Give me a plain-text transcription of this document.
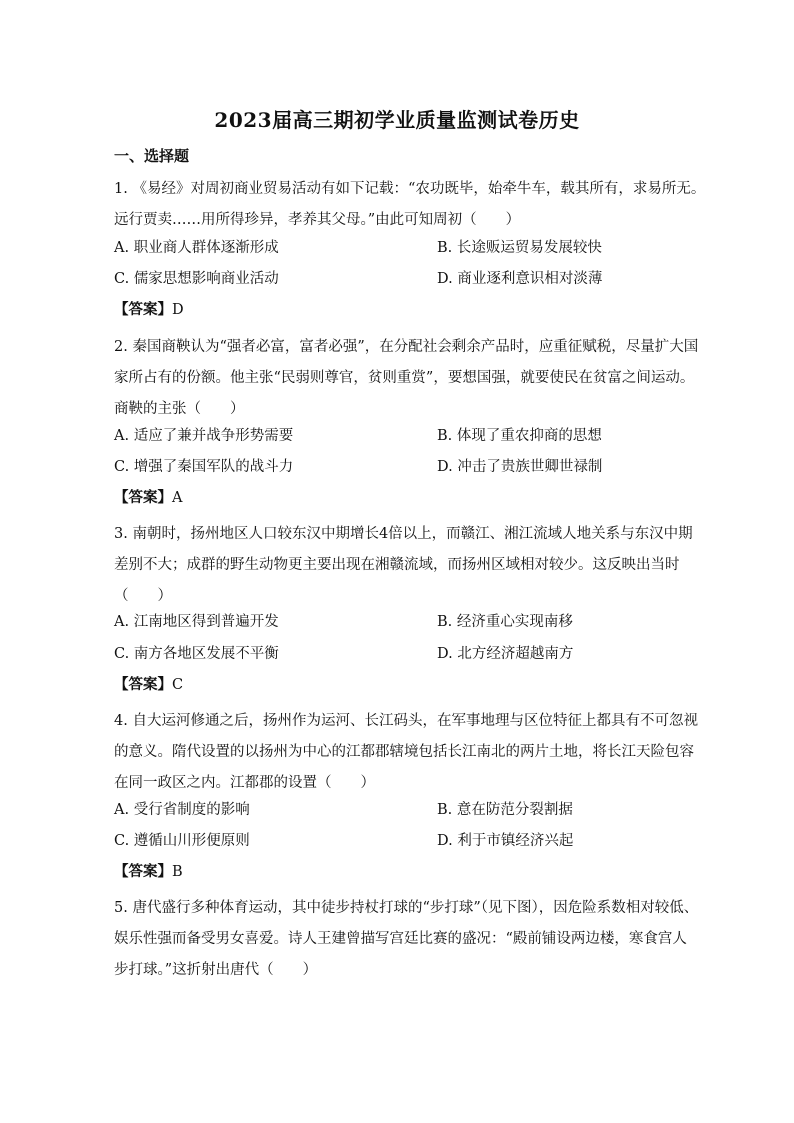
2023届高三期初学业质量监测试卷历史
一、选择题
1. 《易经》对周初商业贸易活动有如下记载：“农功既毕，始牵牛车，载其所有，求易所无。
远行贾卖……用所得珍异，孝养其父母。”由此可知周初（　　）
A. 职业商人群体逐渐形成	B. 长途贩运贸易发展较快
C. 儒家思想影响商业活动	D. 商业逐利意识相对淡薄
【答案】D
2. 秦国商鞅认为“强者必富，富者必强”，在分配社会剩余产品时，应重征赋税，尽量扩大国
家所占有的份额。他主张“民弱则尊官，贫则重赏”，要想国强，就要使民在贫富之间运动。
商鞅的主张（　　）
A. 适应了兼并战争形势需要	B. 体现了重农抑商的思想
C. 增强了秦国军队的战斗力	D. 冲击了贵族世卿世禄制
【答案】A
3. 南朝时，扬州地区人口较东汉中期增长4倍以上，而赣江、湘江流域人地关系与东汉中期
差别不大；成群的野生动物更主要出现在湘赣流域，而扬州区域相对较少。这反映出当时
（　　）
A. 江南地区得到普遍开发	B. 经济重心实现南移
C. 南方各地区发展不平衡	D. 北方经济超越南方
【答案】C
4. 自大运河修通之后，扬州作为运河、长江码头，在军事地理与区位特征上都具有不可忽视
的意义。隋代设置的以扬州为中心的江都郡辖境包括长江南北的两片土地，将长江天险包容
在同一政区之内。江都郡的设置（　　）
A. 受行省制度的影响	B. 意在防范分裂割据
C. 遵循山川形便原则	D. 利于市镇经济兴起
【答案】B
5. 唐代盛行多种体育运动，其中徒步持杖打球的“步打球”（见下图），因危险系数相对较低、
娱乐性强而备受男女喜爱。诗人王建曾描写宫廷比赛的盛况：“殿前铺设两边楼，寒食宫人
步打球。”这折射出唐代（　　）
